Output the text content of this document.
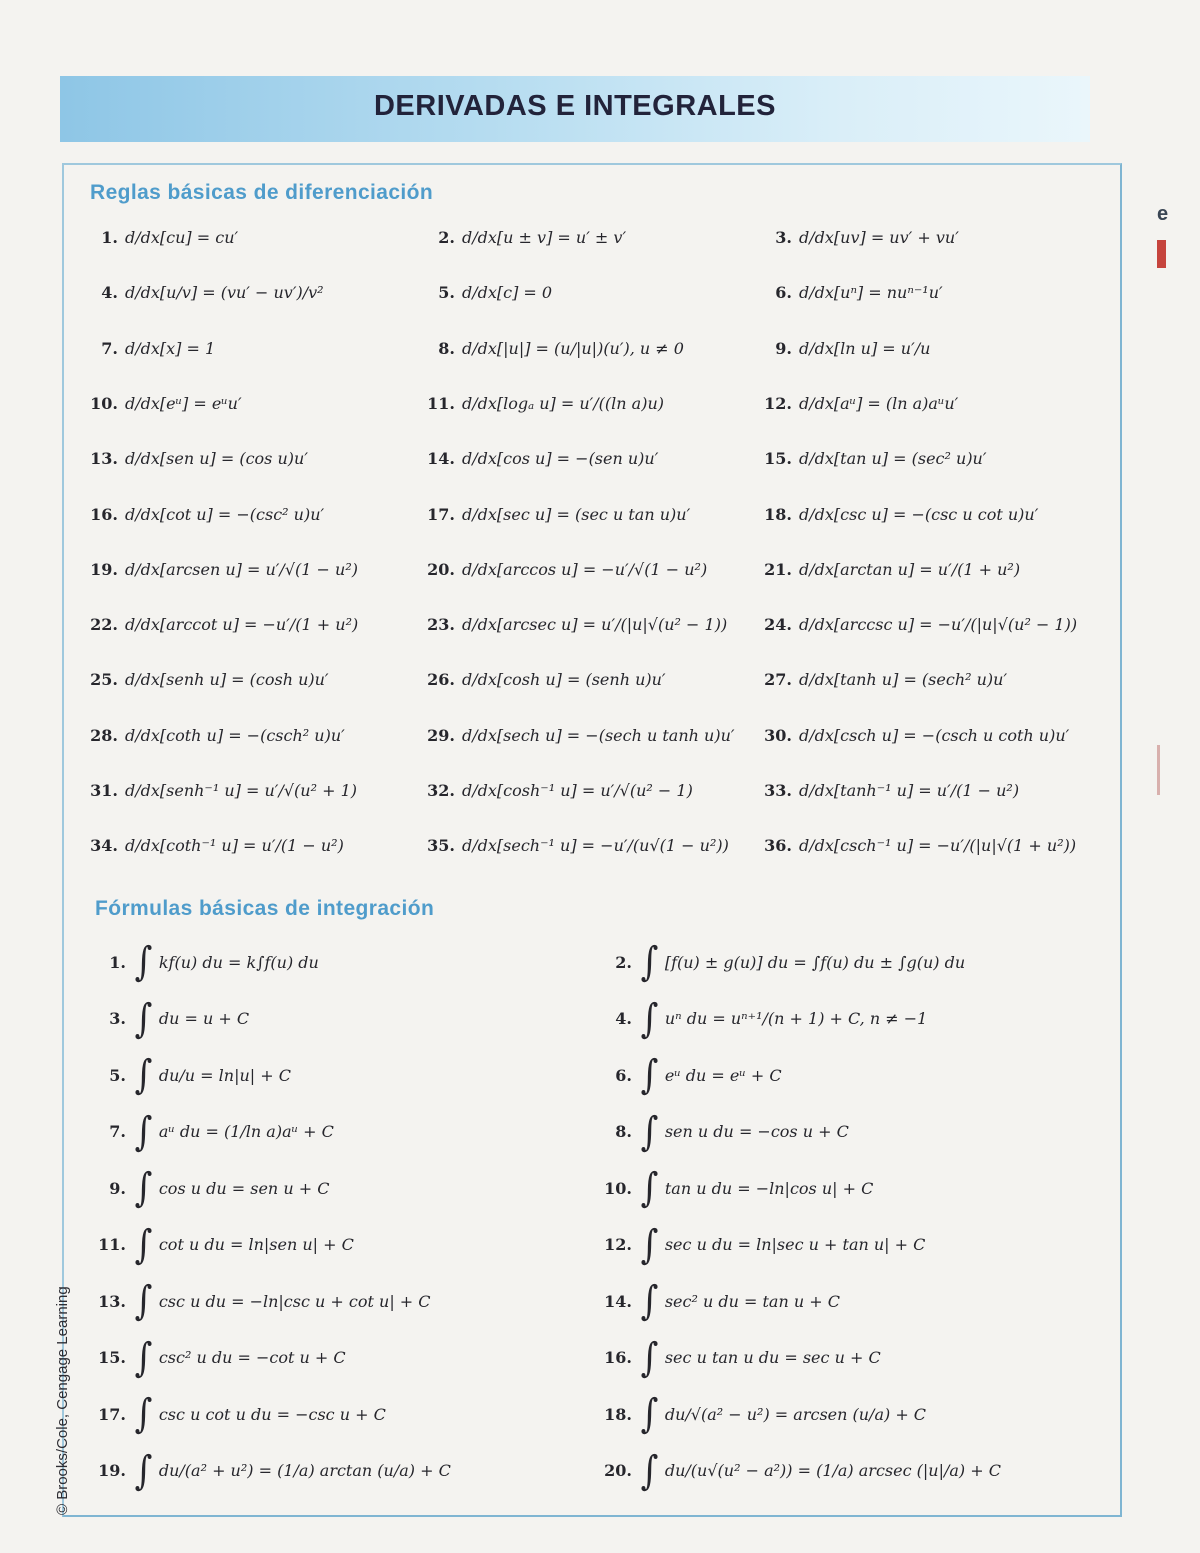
DERIVADAS E INTEGRALES
Reglas básicas de diferenciación
Fórmulas básicas de integración
1. d/dx[cu] = cu′	2. d/dx[u ± v] = u′ ± v′	3. d/dx[uv] = uv′ + vu′
4. d/dx[u/v] = (vu′ − uv′)/v²	5. d/dx[c] = 0	6. d/dx[uⁿ] = nuⁿ⁻¹u′
7. d/dx[x] = 1	8. d/dx[|u|] = (u/|u|)(u′), u ≠ 0	9. d/dx[ln u] = u′/u
10. d/dx[eᵘ] = eᵘu′	11. d/dx[logₐ u] = u′/((ln a)u)	12. d/dx[aᵘ] = (ln a)aᵘu′
13. d/dx[sen u] = (cos u)u′	14. d/dx[cos u] = −(sen u)u′	15. d/dx[tan u] = (sec² u)u′
16. d/dx[cot u] = −(csc² u)u′	17. d/dx[sec u] = (sec u tan u)u′	18. d/dx[csc u] = −(csc u cot u)u′
19. d/dx[arcsen u] = u′/√(1 − u²)	20. d/dx[arccos u] = −u′/√(1 − u²)	21. d/dx[arctan u] = u′/(1 + u²)
22. d/dx[arccot u] = −u′/(1 + u²)	23. d/dx[arcsec u] = u′/(|u|√(u² − 1)) 24. d/dx[arccsc u] = −u′/(|u|√(u² − 1))
25. d/dx[senh u] = (cosh u)u′	26. d/dx[cosh u] = (senh u)u′	27. d/dx[tanh u] = (sech² u)u′
28. d/dx[coth u] = −(csch² u)u′	29. d/dx[sech u] = −(sech u tanh u)u′ 30. d/dx[csch u] = −(csch u coth u)u′
31. d/dx[senh⁻¹ u] = u′/√(u² + 1)	32. d/dx[cosh⁻¹ u] = u′/√(u² − 1)	33. d/dx[tanh⁻¹ u] = u′/(1 − u²)
34. d/dx[coth⁻¹ u] = u′/(1 − u²)	35. d/dx[sech⁻¹ u] = −u′/(u√(1 − u²)) 36. d/dx[csch⁻¹ u] = −u′/(|u|√(1 + u²))
1. ∫ kf(u) du = k∫f(u) du	2. ∫ [f(u) ± g(u)] du = ∫f(u) du ± ∫g(u) du
3. ∫ du = u + C	4. ∫ uⁿ du = uⁿ⁺¹/(n + 1) + C, n ≠ −1
5. ∫ du/u = ln|u| + C	6. ∫ eᵘ du = eᵘ + C
7. ∫ aᵘ du = (1/ln a)aᵘ + C	8. ∫ sen u du = −cos u + C
9. ∫ cos u du = sen u + C	10. ∫ tan u du = −ln|cos u| + C
11. ∫ cot u du = ln|sen u| + C	12. ∫ sec u du = ln|sec u + tan u| + C
13. ∫ csc u du = −ln|csc u + cot u| + C	14. ∫ sec² u du = tan u + C
15. ∫ csc² u du = −cot u + C	16. ∫ sec u tan u du = sec u + C
17. ∫ csc u cot u du = −csc u + C	18. ∫ du/√(a² − u²) = arcsen (u/a) + C
19. ∫ du/(a² + u²) = (1/a) arctan (u/a) + C	20. ∫ du/(u√(u² − a²)) = (1/a) arcsec (|u|/a) + C
© Brooks/Cole, Cengage Learning
e
